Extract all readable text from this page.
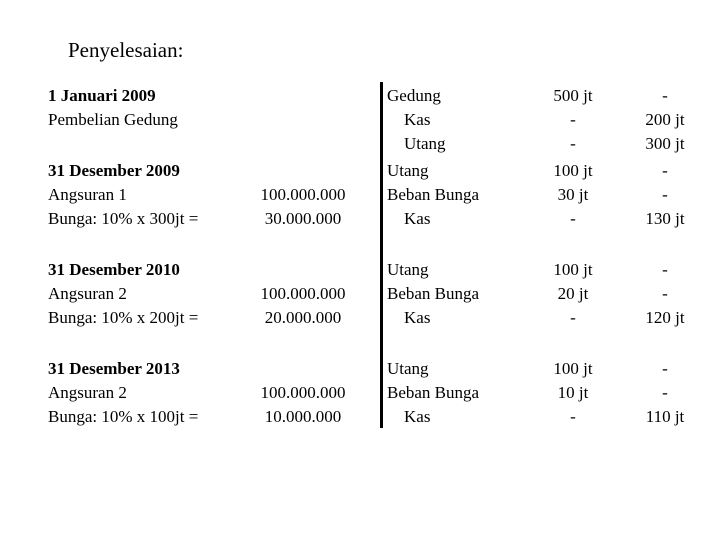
Penyelesaian:
1 Januari 2009
Pembelian Gedung
Gedung
Kas
Utang
500 jt
-
-
-
200 jt
300 jt
31 Desember 2009
Angsuran 1
Bunga: 10% x 300jt =
100.000.000
30.000.000
Utang
Beban Bunga
Kas
100 jt
30 jt
-
-
-
130 jt
31 Desember 2010
Angsuran 2
Bunga: 10% x 200jt =
100.000.000
20.000.000
Utang
Beban Bunga
Kas
100 jt
20 jt
-
-
-
120 jt
31 Desember 2013
Angsuran 2
Bunga: 10% x 100jt =
100.000.000
10.000.000
Utang
Beban Bunga
Kas
100 jt
10 jt
-
-
-
110 jt
